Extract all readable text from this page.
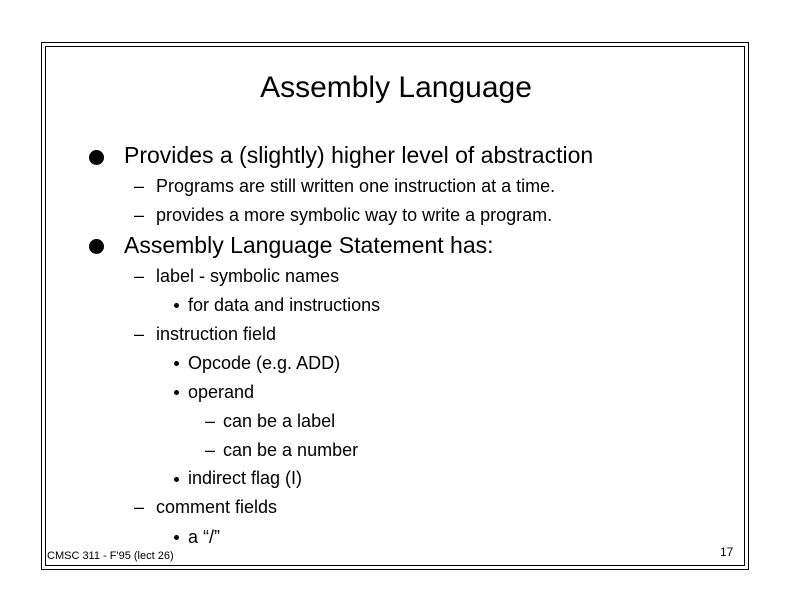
Assembly Language
Provides a (slightly) higher level of abstraction
– Programs are still written one instruction at a time.
– provides a more symbolic way to write a program.
Assembly Language Statement has:
– label - symbolic names
for data and instructions
– instruction field
Opcode (e.g. ADD)
operand
– can be a label
– can be a number
indirect flag (I)
– comment fields
a “/”
CMSC 311 - F'95 (lect 26)	17
